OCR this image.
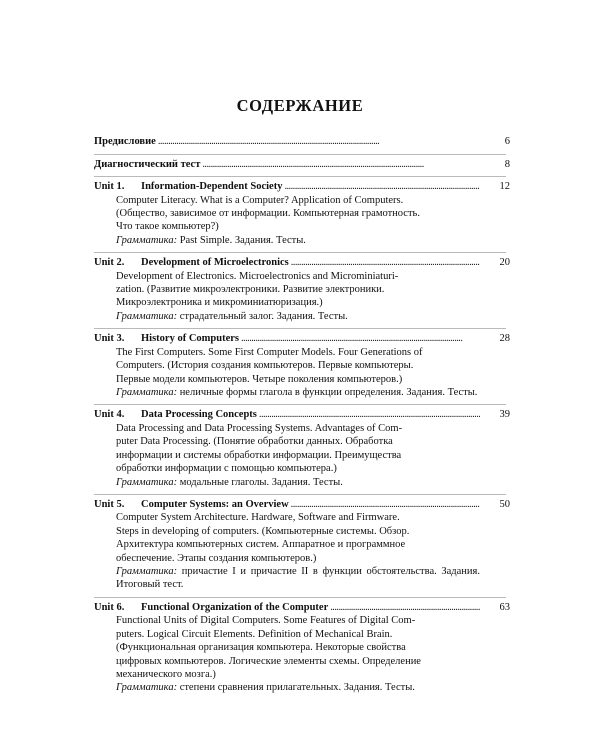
СОДЕРЖАНИЕ
Предисловие . . .	6
Диагностический тест . . .	8
Unit 1.	Information-Dependent Society . . .	12
Computer Literacy. What is a Computer? Application of Computers.
(Общество, зависимое от информации. Компьютерная грамотность.
Что такое компьютер?)
Грамматика: Past Simple. Задания. Тесты.
Unit 2.	Development of Microelectronics . . .	20
Development of Electronics. Microelectronics and Microminiaturi-
zation. (Развитие микроэлектроники. Развитие электроники.
Микроэлектроника и микроминиатюризация.)
Грамматика: страдательный залог. Задания. Тесты.
Unit 3.	History of Computers . . .	28
The First Computers. Some First Computer Models. Four Generations of
Computers. (История создания компьютеров. Первые компьютеры.
Первые модели компьютеров. Четыре поколения компьютеров.)
Грамматика: неличные формы глагола в функции определения. Задания. Тесты.
Unit 4.	Data Processing Concepts . . .	39
Data Processing and Data Processing Systems. Advantages of Com-
puter Data Processing. (Понятие обработки данных. Обработка
информации и системы обработки информации. Преимущества
обработки информации с помощью компьютера.)
Грамматика: модальные глаголы. Задания. Тесты.
Unit 5.	Computer Systems: an Overview . . .	50
Computer System Architecture. Hardware, Software and Firmware.
Steps in developing of computers. (Компьютерные системы. Обзор.
Архитектура компьютерных систем. Аппаратное и программное
обеспечение. Этапы создания компьютеров.)
Грамматика: причастие I и причастие II в функции обстоятельства. Задания. Итоговый тест.
Unit 6.	Functional Organization of the Computer . . .	63
Functional Units of Digital Computers. Some Features of Digital Com-
puters. Logical Circuit Elements. Definition of Mechanical Brain.
(Функциональная организация компьютера. Некоторые свойства
цифровых компьютеров. Логические элементы схемы. Определение
механического мозга.)
Грамматика: степени сравнения прилагательных. Задания. Тесты.
